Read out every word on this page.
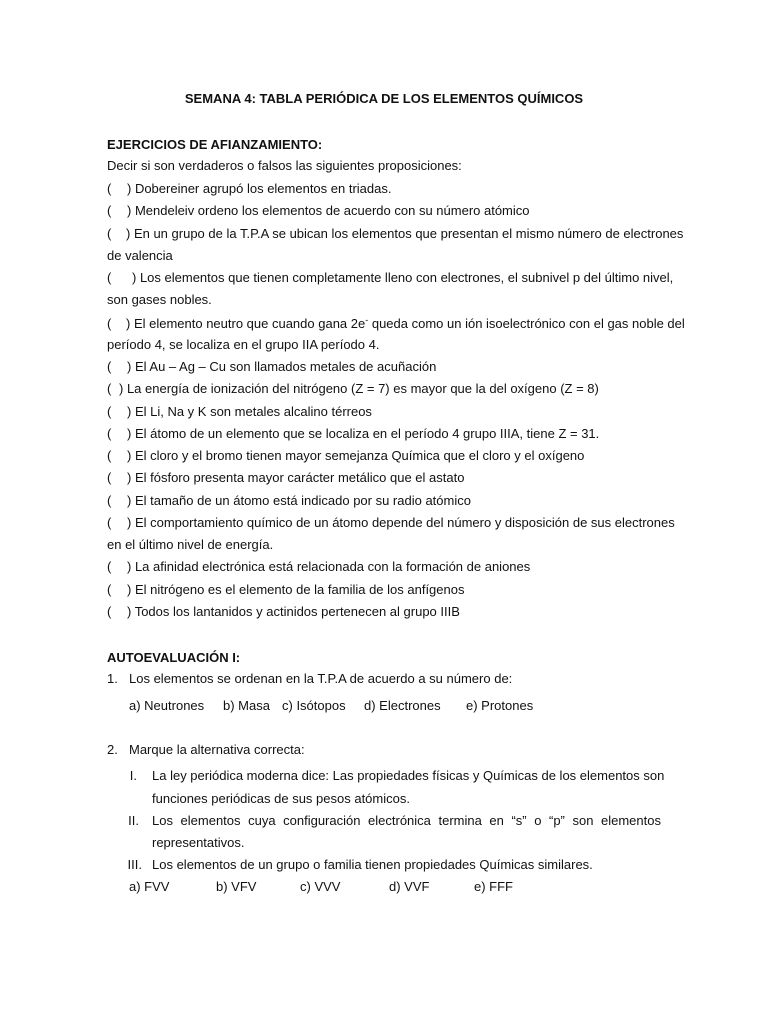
SEMANA 4: TABLA PERIÓDICA DE LOS ELEMENTOS QUÍMICOS
EJERCICIOS DE AFIANZAMIENTO:
Decir si son verdaderos o falsos las siguientes proposiciones:
( ) Dobereiner agrupó los elementos en triadas.
( ) Mendeleiv ordeno los elementos de acuerdo con su número atómico
( ) En un grupo de la T.P.A se ubican los elementos que presentan el mismo número de electrones
de valencia
( ) Los elementos que tienen completamente lleno con electrones, el subnivel p del último nivel,
son gases nobles.
( ) El elemento neutro que cuando gana 2e- queda como un ión isoelectrónico con el gas noble del
período 4, se localiza en el grupo IIA período 4.
( ) El Au – Ag – Cu son llamados metales de acuñación
( ) La energía de ionización del nitrógeno (Z = 7) es mayor que la del oxígeno (Z = 8)
( ) El Li, Na y K son metales alcalino térreos
( ) El átomo de un elemento que se localiza en el período 4 grupo IIIA, tiene Z = 31.
( ) El cloro y el bromo tienen mayor semejanza Química que el cloro y el oxígeno
( ) El fósforo presenta mayor carácter metálico que el astato
( ) El tamaño de un átomo está indicado por su radio atómico
( ) El comportamiento químico de un átomo depende del número y disposición de sus electrones
en el último nivel de energía.
( ) La afinidad electrónica está relacionada con la formación de aniones
( ) El nitrógeno es el elemento de la familia de los anfígenos
( ) Todos los lantanidos y actinidos pertenecen al grupo IIIB
AUTOEVALUACIÓN I:
1. Los elementos se ordenan en la T.P.A de acuerdo a su número de:
a) Neutrones b) Masa c) Isótopos d) Electrones e) Protones
2. Marque la alternativa correcta:
I. La ley periódica moderna dice: Las propiedades físicas y Químicas de los elementos son
funciones periódicas de sus pesos atómicos.
II. Los elementos cuya configuración electrónica termina en “s” o “p” son elementos
representativos.
III. Los elementos de un grupo o familia tienen propiedades Químicas similares.
a) FVV	b) VFV	c) VVV	d) VVF	e) FFF
